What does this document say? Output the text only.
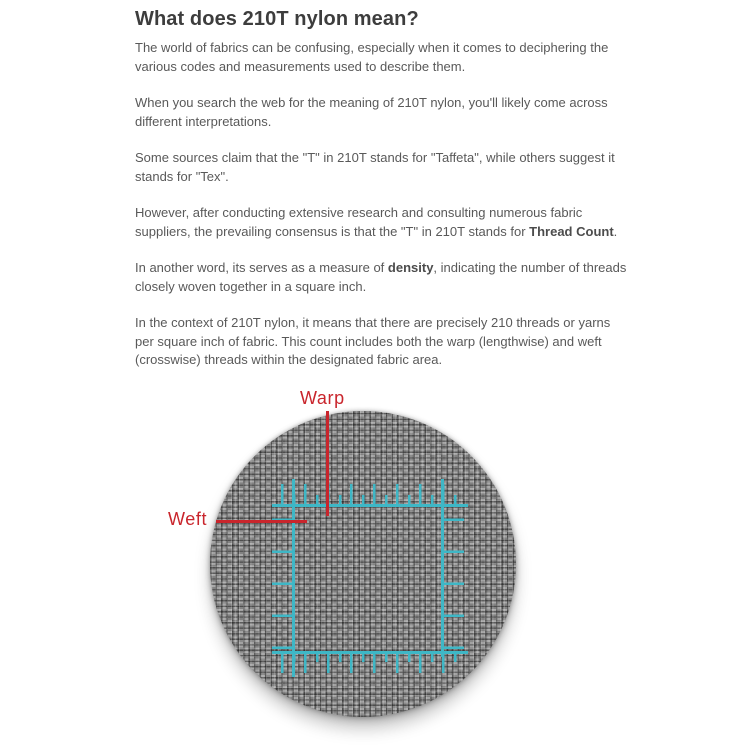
What does 210T nylon mean?

The world of fabrics can be confusing, especially when it comes to deciphering the various codes and measurements used to describe them.

When you search the web for the meaning of 210T nylon, you'll likely come across different interpretations.

Some sources claim that the "T" in 210T stands for "Taffeta", while others suggest it stands for "Tex".

However, after conducting extensive research and consulting numerous fabric suppliers, the prevailing consensus is that the "T" in 210T stands for Thread Count.

In another word, its serves as a measure of density, indicating the number of threads closely woven together in a square inch.

In the context of 210T nylon, it means that there are precisely 210 threads or yarns per square inch of fabric. This count includes both the warp (lengthwise) and weft (crosswise) threads within the designated fabric area.

Warp
Weft
